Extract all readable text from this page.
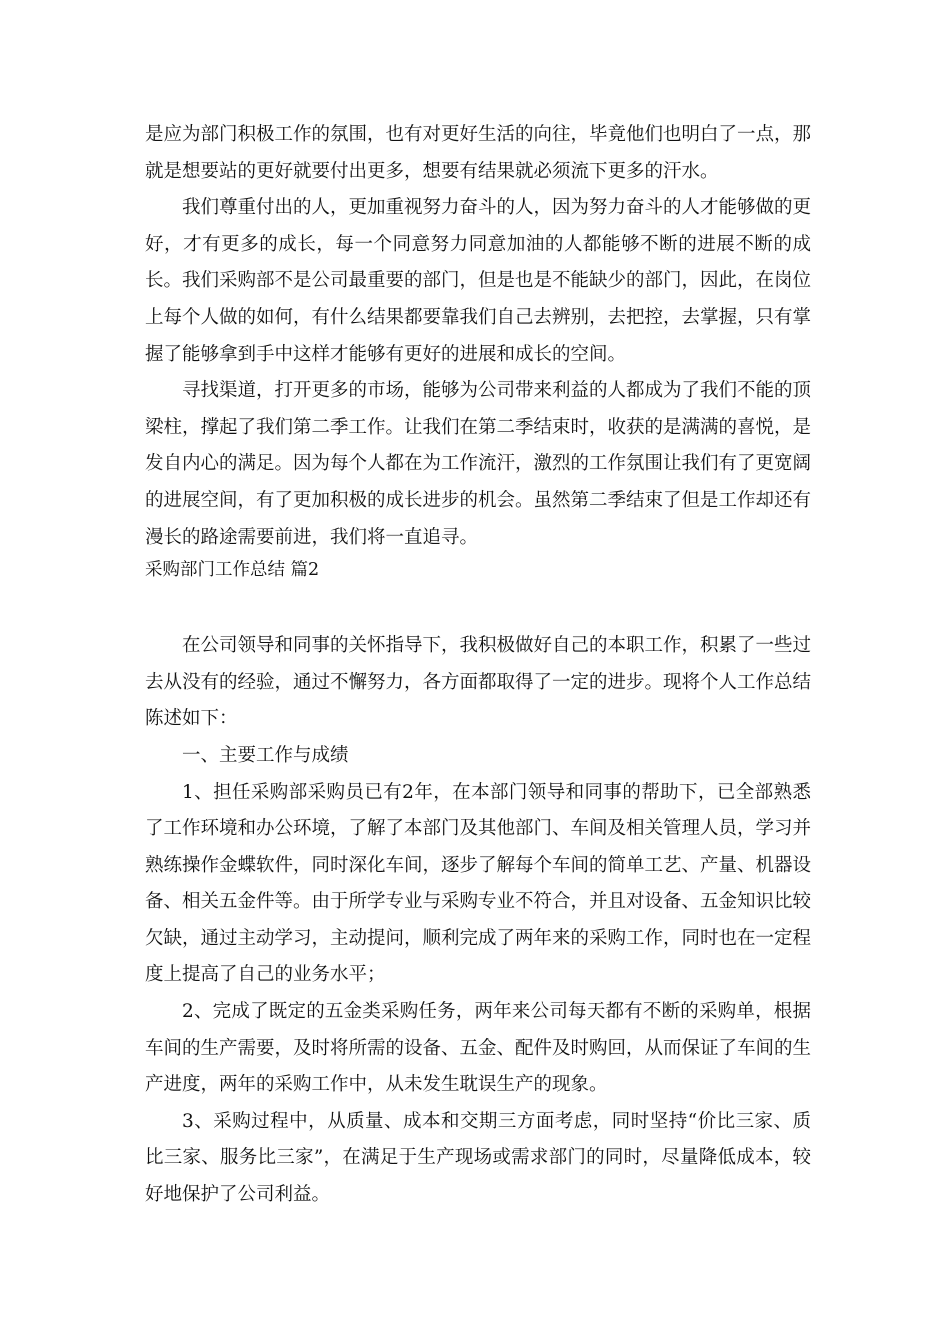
是应为部门积极工作的氛围，也有对更好生活的向往，毕竟他们也明白了一点，那就是想要站的更好就要付出更多，想要有结果就必须流下更多的汗水。

我们尊重付出的人，更加重视努力奋斗的人，因为努力奋斗的人才能够做的更好，才有更多的成长，每一个同意努力同意加油的人都能够不断的进展不断的成长。我们采购部不是公司最重要的部门，但是也是不能缺少的部门，因此，在岗位上每个人做的如何，有什么结果都要靠我们自己去辨别，去把控，去掌握，只有掌握了能够拿到手中这样才能够有更好的进展和成长的空间。

寻找渠道，打开更多的市场，能够为公司带来利益的人都成为了我们不能的顶梁柱，撑起了我们第二季工作。让我们在第二季结束时，收获的是满满的喜悦，是发自内心的满足。因为每个人都在为工作流汗，激烈的工作氛围让我们有了更宽阔的进展空间，有了更加积极的成长进步的机会。虽然第二季结束了但是工作却还有漫长的路途需要前进，我们将一直追寻。

采购部门工作总结 篇2

在公司领导和同事的关怀指导下，我积极做好自己的本职工作，积累了一些过去从没有的经验，通过不懈努力，各方面都取得了一定的进步。现将个人工作总结陈述如下：

一、主要工作与成绩

1、担任采购部采购员已有2年，在本部门领导和同事的帮助下，已全部熟悉了工作环境和办公环境，了解了本部门及其他部门、车间及相关管理人员，学习并熟练操作金蝶软件，同时深化车间，逐步了解每个车间的简单工艺、产量、机器设备、相关五金件等。由于所学专业与采购专业不符合，并且对设备、五金知识比较欠缺，通过主动学习，主动提问，顺利完成了两年来的采购工作，同时也在一定程度上提高了自己的业务水平；

2、完成了既定的五金类采购任务，两年来公司每天都有不断的采购单，根据车间的生产需要，及时将所需的设备、五金、配件及时购回，从而保证了车间的生产进度，两年的采购工作中，从未发生耽误生产的现象。

3、采购过程中，从质量、成本和交期三方面考虑，同时坚持“价比三家、质比三家、服务比三家”，在满足于生产现场或需求部门的同时，尽量降低成本，较好地保护了公司利益。
